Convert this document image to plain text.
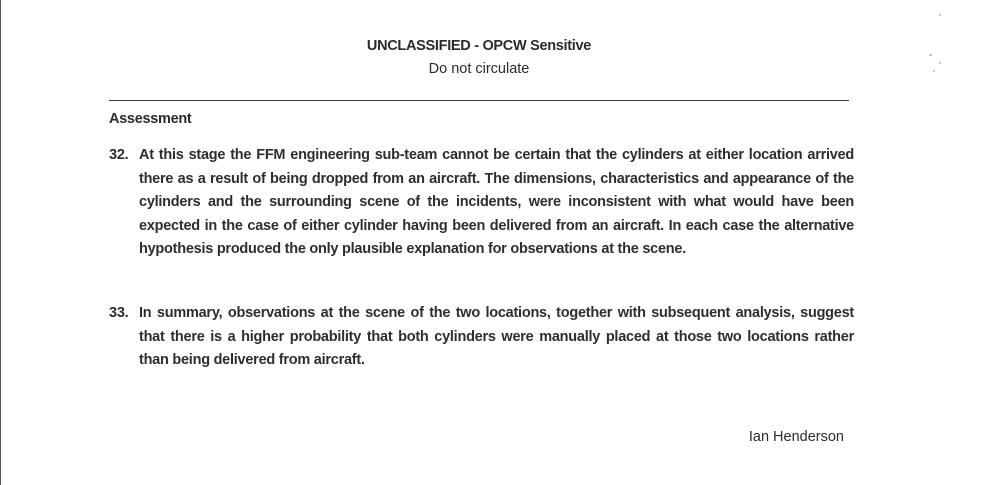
UNCLASSIFIED - OPCW Sensitive
Do not circulate
Assessment
32. At this stage the FFM engineering sub-team cannot be certain that the cylinders at either location arrived there as a result of being dropped from an aircraft. The dimensions, characteristics and appearance of the cylinders and the surrounding scene of the incidents, were inconsistent with what would have been expected in the case of either cylinder having been delivered from an aircraft. In each case the alternative hypothesis produced the only plausible explanation for observations at the scene.
33. In summary, observations at the scene of the two locations, together with subsequent analysis, suggest that there is a higher probability that both cylinders were manually placed at those two locations rather than being delivered from aircraft.
Ian Henderson
